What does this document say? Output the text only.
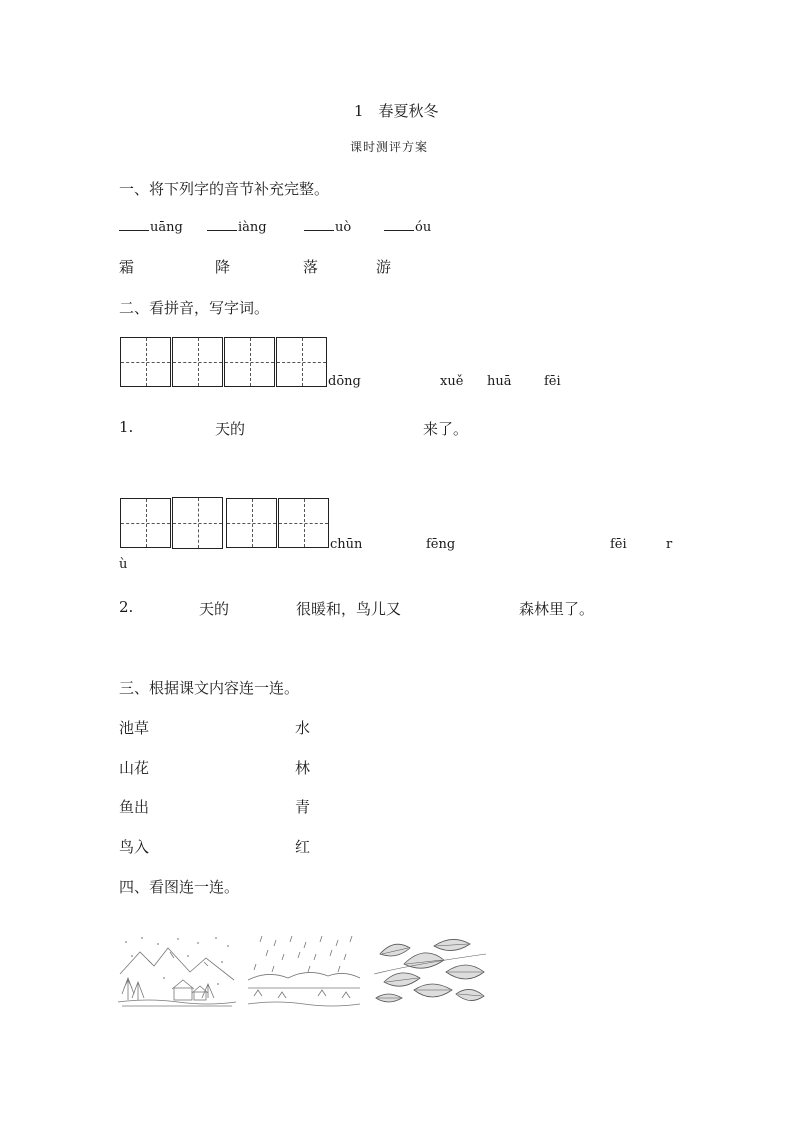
1　春夏秋冬
课时测评方案
一、将下列字的音节补充完整。
uāng	iàng	uò	óu
霜	降	落	游
二、看拼音，写字词。
dōng	xuě huā	fēi
1.	天的	来了。
chūn	fēng	fēi	r
ù
2.	天的	很暖和，鸟儿又	森林里了。
三、根据课文内容连一连。
池草	水
山花	林
鱼出	青
鸟入	红
四、看图连一连。
